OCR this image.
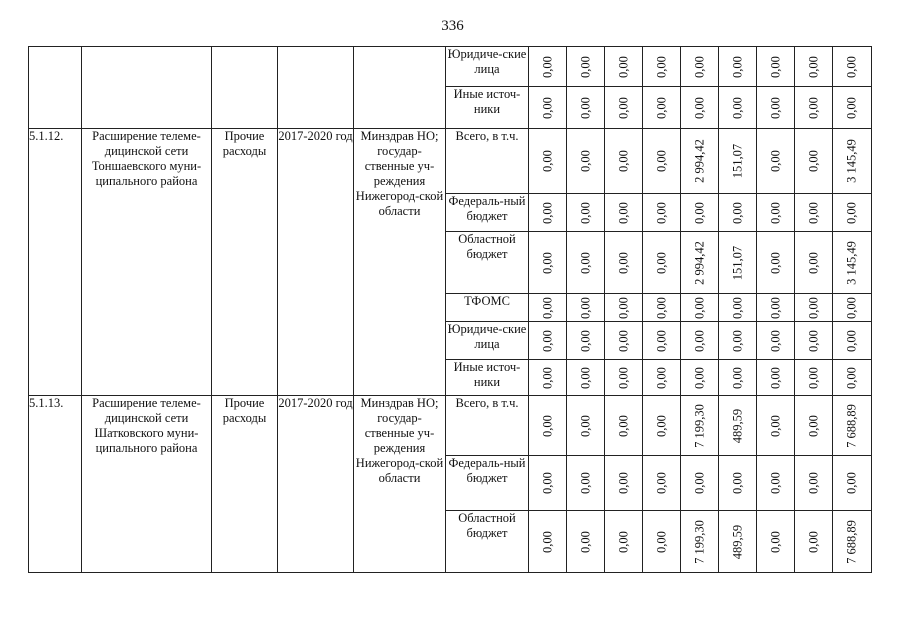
336
					Юридиче-ские лица	0,00	0,00	0,00	0,00	0,00	0,00	0,00	0,00	0,00

					Иные источ-ники	0,00	0,00	0,00	0,00	0,00	0,00	0,00	0,00	0,00

5.1.12.	Расширение телеме-дицинской сети Тоншаевского муни-ципального района	Прочие расходы	2017-2020 год	Минздрав НО; государ-ственные уч-реждения Нижегород-ской области	Всего, в т.ч.	0,00	0,00	0,00	0,00	2 994,42	151,07	0,00	0,00	3 145,49

					Федераль-ный бюджет	0,00	0,00	0,00	0,00	0,00	0,00	0,00	0,00	0,00

					Областной бюджет	0,00	0,00	0,00	0,00	2 994,42	151,07	0,00	0,00	3 145,49

					ТФОМС	0,00	0,00	0,00	0,00	0,00	0,00	0,00	0,00	0,00

					Юридиче-ские лица	0,00	0,00	0,00	0,00	0,00	0,00	0,00	0,00	0,00

					Иные источ-ники	0,00	0,00	0,00	0,00	0,00	0,00	0,00	0,00	0,00

5.1.13.	Расширение телеме-дицинской сети Шатковского муни-ципального района	Прочие расходы	2017-2020 год	Минздрав НО; государ-ственные уч-реждения Нижегород-ской области	Всего, в т.ч.	0,00	0,00	0,00	0,00	7 199,30	489,59	0,00	0,00	7 688,89

					Федераль-ный бюджет	0,00	0,00	0,00	0,00	0,00	0,00	0,00	0,00	0,00

					Областной бюджет	0,00	0,00	0,00	0,00	7 199,30	489,59	0,00	0,00	7 688,89
